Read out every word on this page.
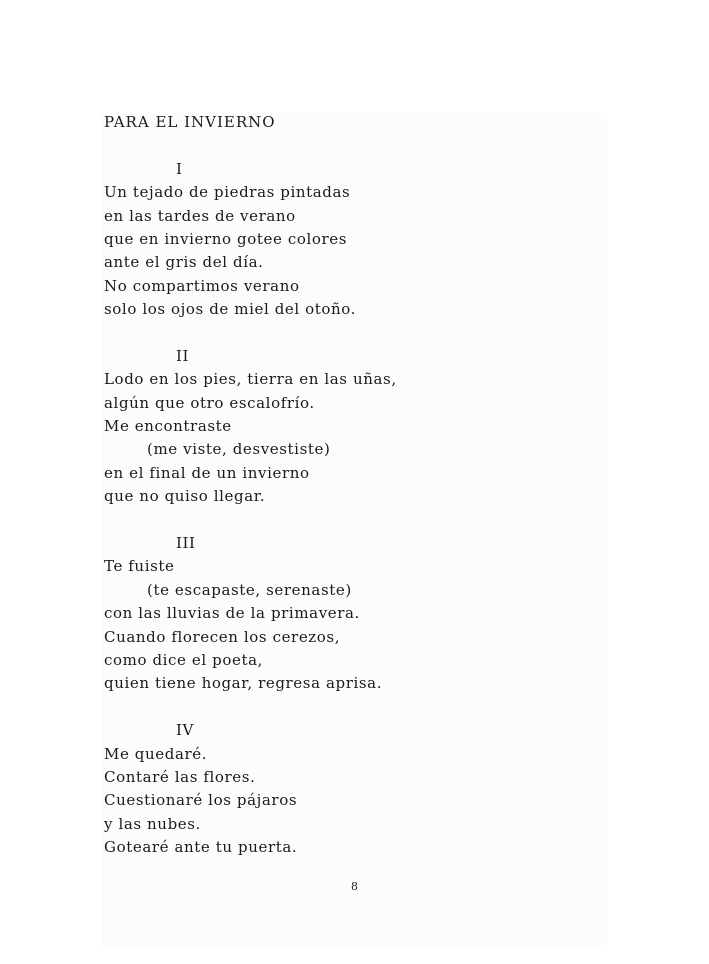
PARA EL INVIERNO
I
Un tejado de piedras pintadas
en las tardes de verano
que en invierno gotee colores
ante el gris del día.
No compartimos verano
solo los ojos de miel del otoño.
II
Lodo en los pies, tierra en las uñas,
algún que otro escalofrío.
Me encontraste
(me viste, desvestiste)
en el final de un invierno
que no quiso llegar.
III
Te fuiste
(te escapaste, serenaste)
con las lluvias de la primavera.
Cuando florecen los cerezos,
como dice el poeta,
quien tiene hogar, regresa aprisa.
IV
Me quedaré.
Contaré las flores.
Cuestionaré los pájaros
y las nubes.
Gotearé ante tu puerta.
8
